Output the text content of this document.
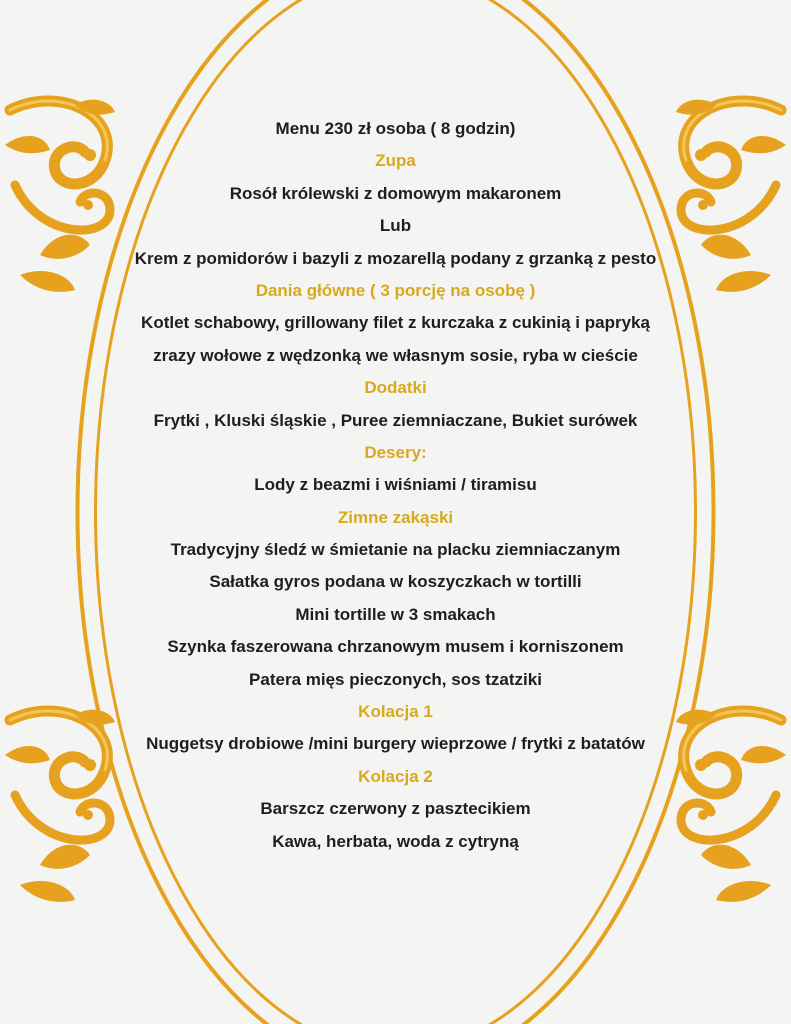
Menu 230 zł osoba ( 8 godzin)
Zupa
Rosół królewski z domowym makaronem
Lub
Krem z pomidorów i bazyli z mozarellą podany z grzanką z pesto
Dania główne ( 3 porcję na osobę )
Kotlet schabowy, grillowany filet z kurczaka z cukinią i papryką
zrazy wołowe z wędzonką we własnym sosie, ryba w cieście
Dodatki
Frytki , Kluski śląskie , Puree ziemniaczane, Bukiet surówek
Desery:
Lody z beazmi i wiśniami / tiramisu
Zimne zakąski
Tradycyjny śledź w śmietanie na placku ziemniaczanym
Sałatka gyros podana w koszyczkach w tortilli
Mini tortille w 3 smakach
Szynka faszerowana chrzanowym musem i korniszonem
Patera mięs pieczonych, sos tzatziki
Kolacja 1
Nuggetsy drobiowe /mini burgery wieprzowe / frytki z batatów
Kolacja 2
Barszcz czerwony z pasztecikiem
Kawa, herbata, woda z cytryną
